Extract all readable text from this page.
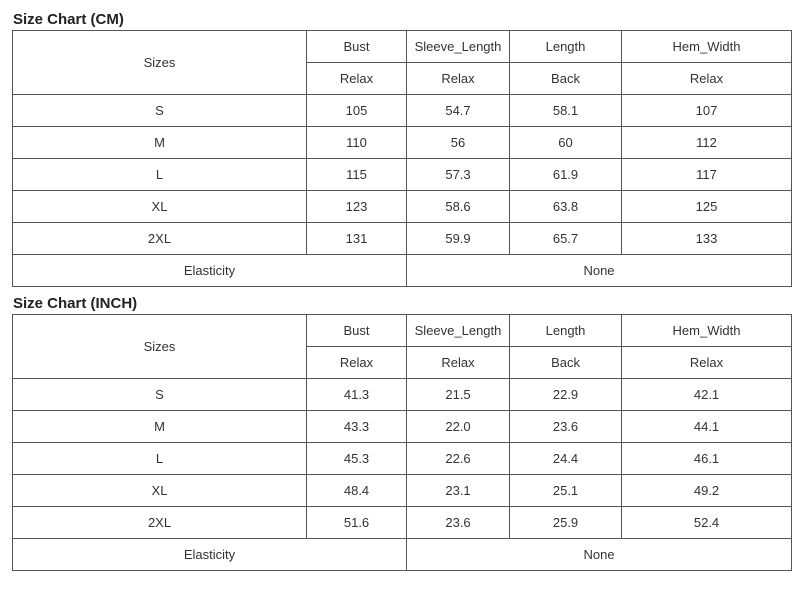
Size Chart (CM)
Sizes	Bust	Sleeve_Length	Length	Hem_Width
	Relax	Relax	Back	Relax
S	105	54.7	58.1	107
M	110	56	60	112
L	115	57.3	61.9	117
XL	123	58.6	63.8	125
2XL	131	59.9	65.7	133
Elasticity		None		
Size Chart (INCH)
Sizes	Bust	Sleeve_Length	Length	Hem_Width
	Relax	Relax	Back	Relax
S	41.3	21.5	22.9	42.1
M	43.3	22.0	23.6	44.1
L	45.3	22.6	24.4	46.1
XL	48.4	23.1	25.1	49.2
2XL	51.6	23.6	25.9	52.4
Elasticity		None		
